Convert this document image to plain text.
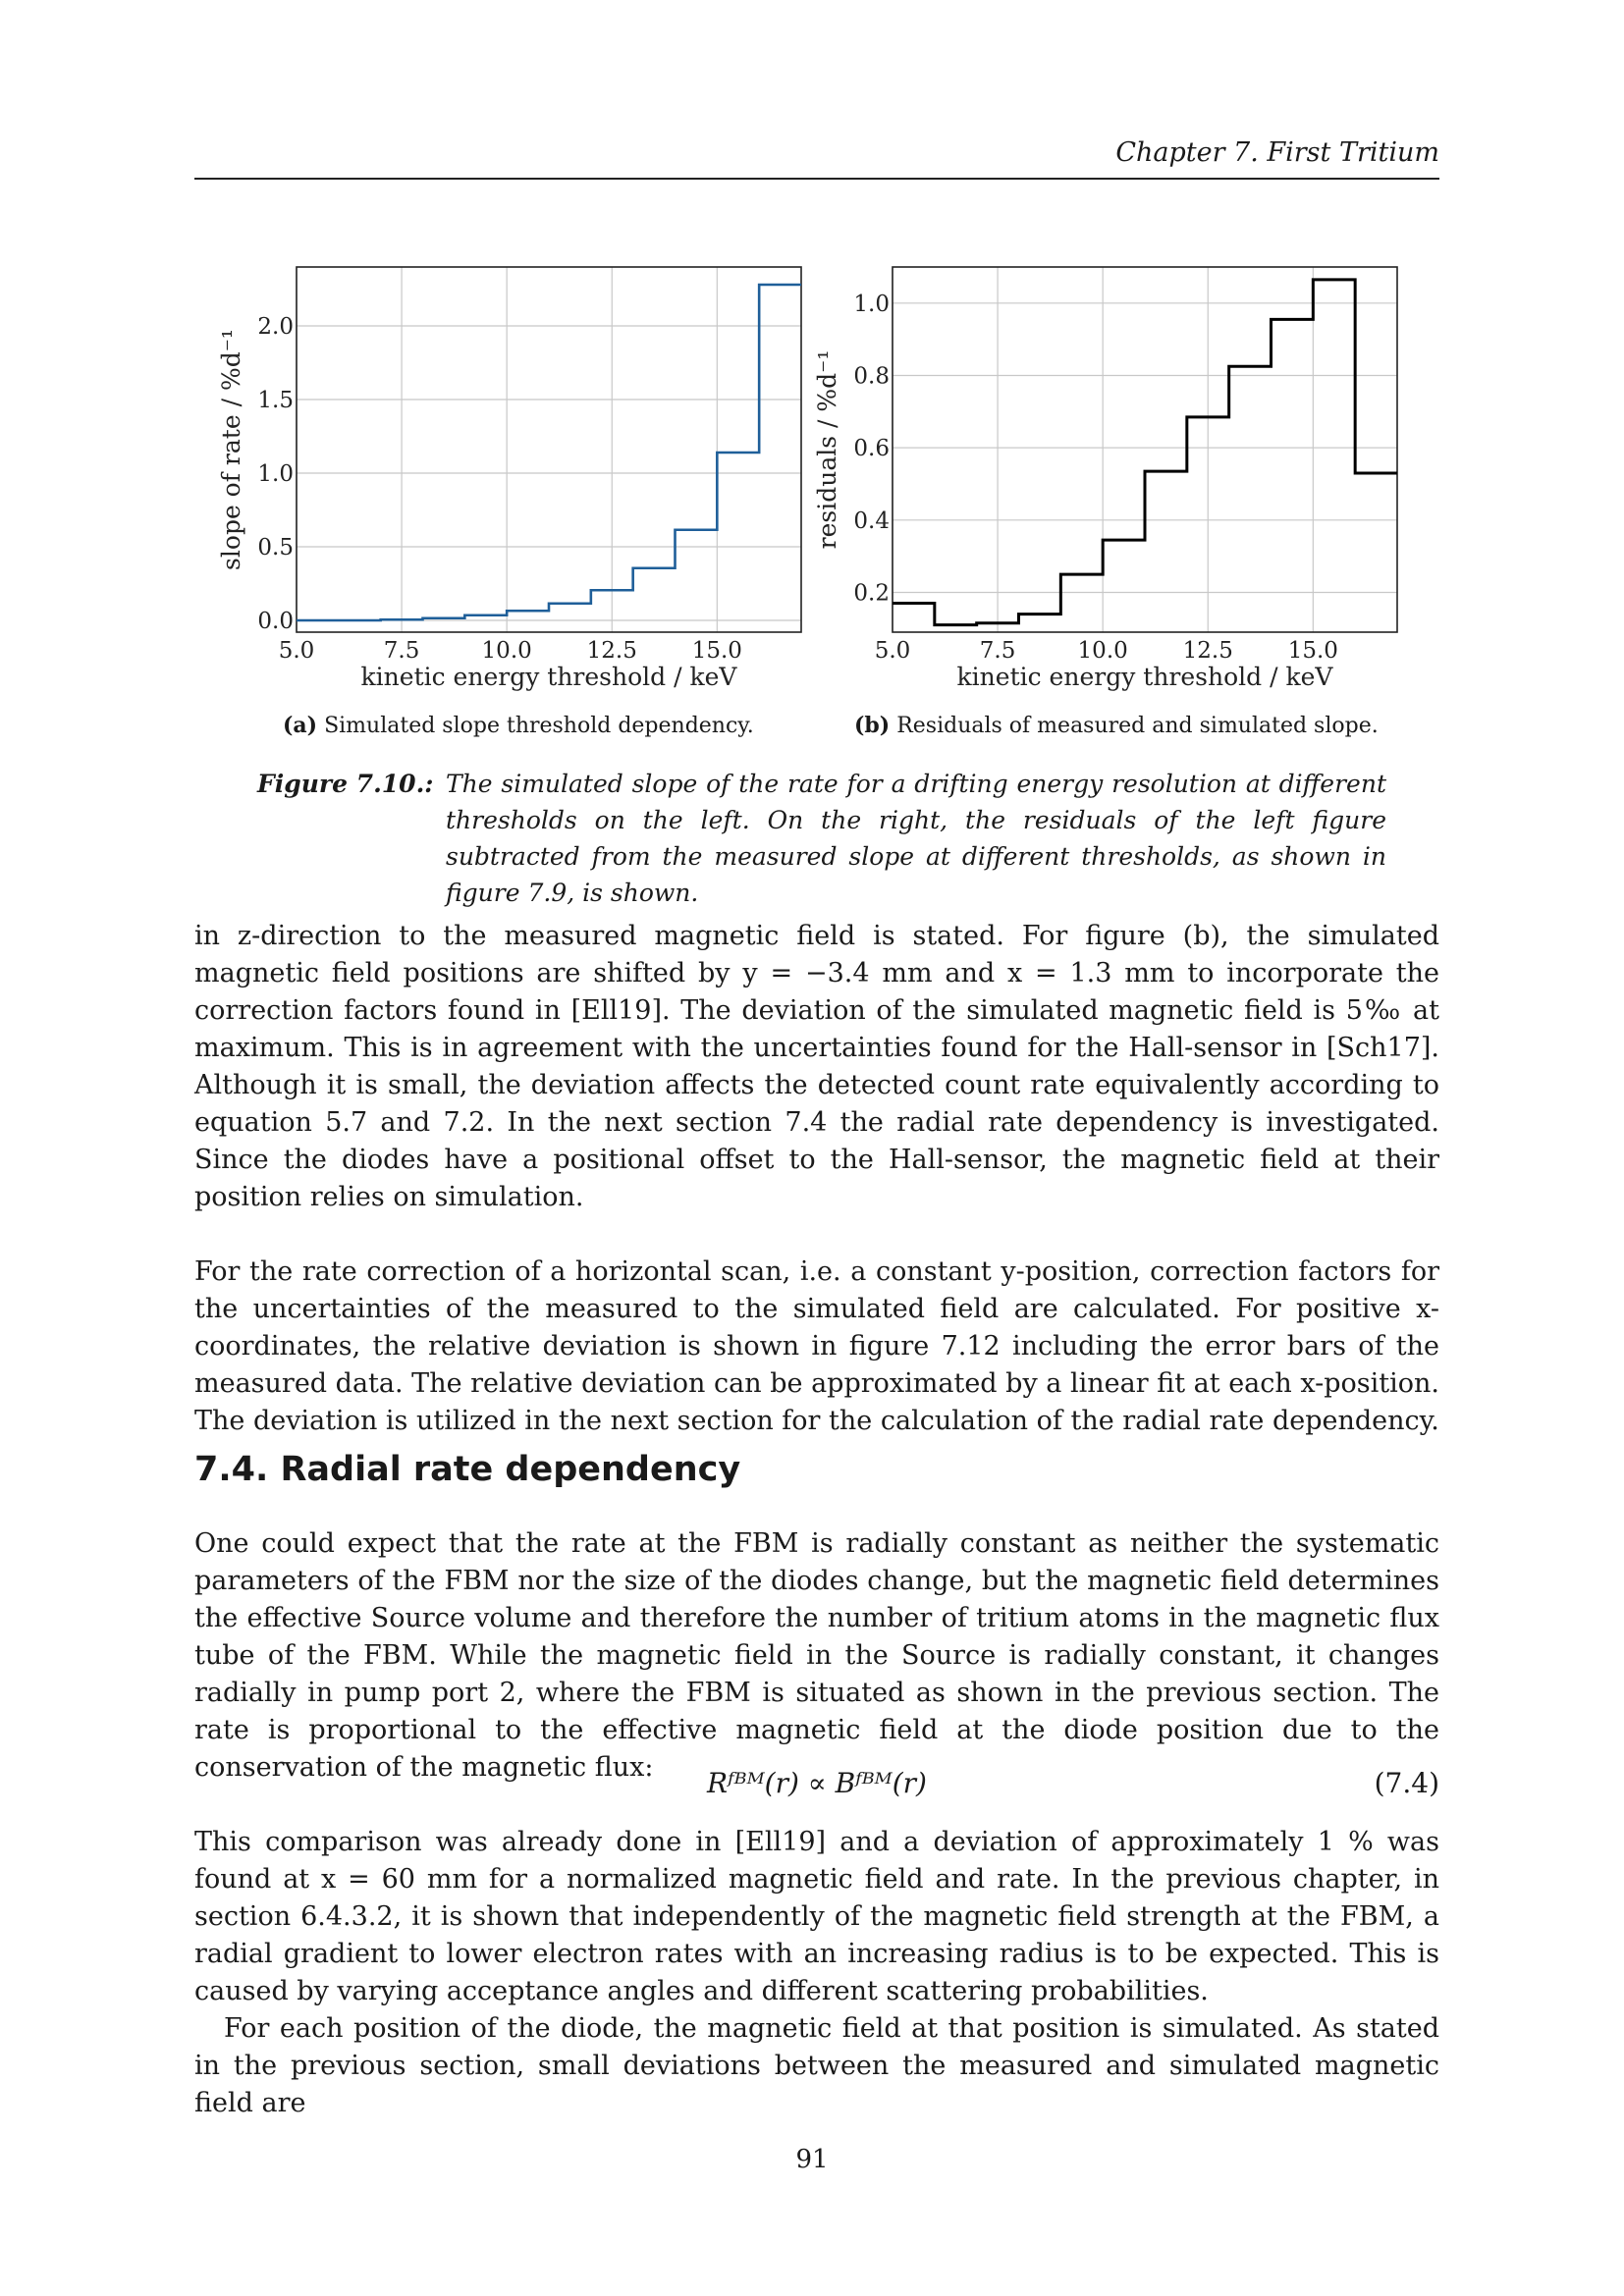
Chapter 7. First Tritium
5.0	7.5	10.0 12.5 15.0
0.0
0.5
1.0
1.5
2.0
kinetic energy threshold / keV
slope of rate / %d⁻¹
5.0	7.5	10.0 12.5 15.0
0.2
0.4
0.6
0.8
1.0
kinetic energy threshold / keV
residuals / %d⁻¹
(a) Simulated slope threshold dependency.	(b) Residuals of measured and simulated slope.
Figure 7.10.: The simulated slope of the rate for a drifting energy resolution at different thresholds on the left. On the right, the residuals of the left figure subtracted from the measured slope at different thresholds, as shown in figure 7.9, is shown.

in z-direction to the measured magnetic field is stated. For figure (b), the simulated magnetic field positions are shifted by y = −3.4 mm and x = 1.3 mm to incorporate the correction factors found in [Ell19]. The deviation of the simulated magnetic field is 5‰ at maximum. This is in agreement with the uncertainties found for the Hall-sensor in [Sch17]. Although it is small, the deviation affects the detected count rate equivalently according to equation 5.7 and 7.2. In the next section 7.4 the radial rate dependency is investigated. Since the diodes have a positional offset to the Hall-sensor, the magnetic field at their position relies on simulation.

For the rate correction of a horizontal scan, i.e. a constant y-position, correction factors for the uncertainties of the measured to the simulated field are calculated. For positive x-coordinates, the relative deviation is shown in figure 7.12 including the error bars of the measured data. The relative deviation can be approximated by a linear fit at each x-position. The deviation is utilized in the next section for the calculation of the radial rate dependency.

7.4. Radial rate dependency

One could expect that the rate at the FBM is radially constant as neither the systematic parameters of the FBM nor the size of the diodes change, but the magnetic field determines the effective Source volume and therefore the number of tritium atoms in the magnetic flux tube of the FBM. While the magnetic field in the Source is radially constant, it changes radially in pump port 2, where the FBM is situated as shown in the previous section. The rate is proportional to the effective magnetic field at the diode position due to the conservation of the magnetic flux:	Rᶠᴮᴹ(r) ∝ Bᶠᴮᴹ(r)	(7.4)

This comparison was already done in [Ell19] and a deviation of approximately 1 % was found at x = 60 mm for a normalized magnetic field and rate. In the previous chapter, in section 6.4.3.2, it is shown that independently of the magnetic field strength at the FBM, a radial gradient to lower electron rates with an increasing radius is to be expected. This is caused by varying acceptance angles and different scattering probabilities.

For each position of the diode, the magnetic field at that position is simulated. As stated in the previous section, small deviations between the measured and simulated magnetic field are

91
